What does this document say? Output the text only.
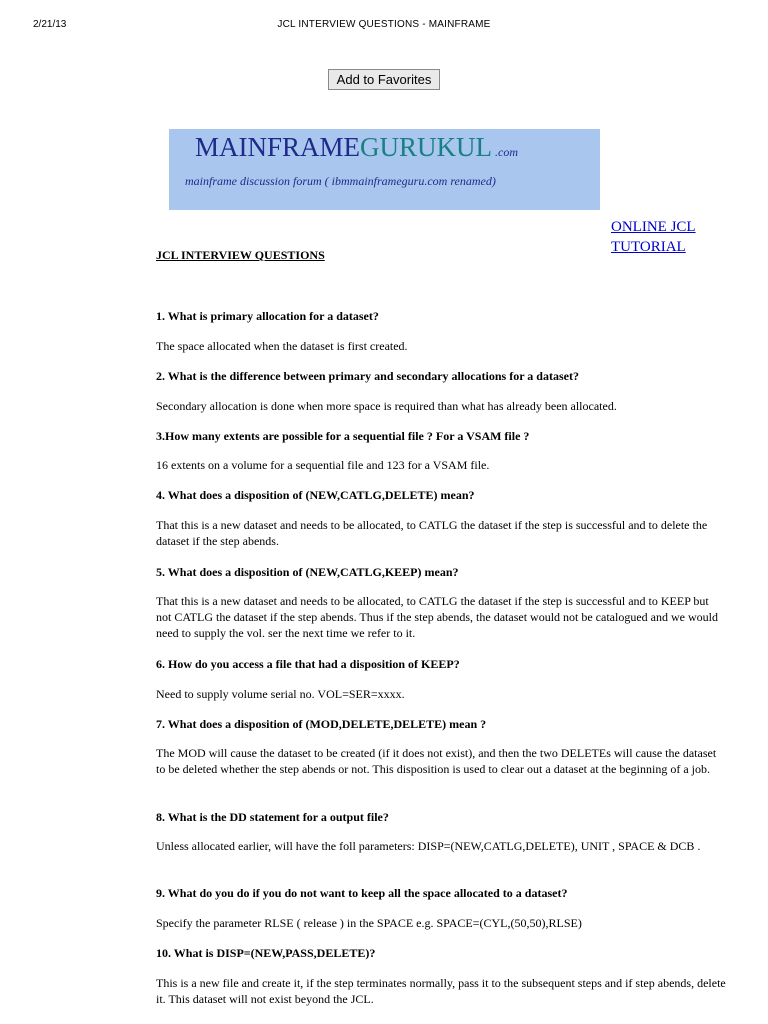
2/21/13	JCL INTERVIEW QUESTIONS - MAINFRAME
Add to Favorites
MAINFRAMEGURUKUL .com
mainframe discussion forum ( ibmmainframeguru.com renamed)
ONLINE JCL TUTORIAL
JCL INTERVIEW QUESTIONS
1. What is primary allocation for a dataset?
The space allocated when the dataset is first created.
2. What is the difference between primary and secondary allocations for a dataset?
Secondary allocation is done when more space is required than what has already been allocated.
3.How many extents are possible for a sequential file ? For a VSAM file ?
16 extents on a volume for a sequential file and 123 for a VSAM file.
4. What does a disposition of (NEW,CATLG,DELETE) mean?
That this is a new dataset and needs to be allocated, to CATLG the dataset if the step is successful and to delete the dataset if the step abends.
5. What does a disposition of (NEW,CATLG,KEEP) mean?
That this is a new dataset and needs to be allocated, to CATLG the dataset if the step is successful and to KEEP but not CATLG the dataset if the step abends. Thus if the step abends, the dataset would not be catalogued and we would need to supply the vol. ser the next time we refer to it.
6. How do you access a file that had a disposition of KEEP?
Need to supply volume serial no. VOL=SER=xxxx.
7. What does a disposition of (MOD,DELETE,DELETE) mean ?
The MOD will cause the dataset to be created (if it does not exist), and then the two DELETEs will cause the dataset to be deleted whether the step abends or not. This disposition is used to clear out a dataset at the beginning of a job.
8. What is the DD statement for a output file?
Unless allocated earlier, will have the foll parameters: DISP=(NEW,CATLG,DELETE), UNIT , SPACE & DCB .
9. What do you do if you do not want to keep all the space allocated to a dataset?
Specify the parameter RLSE ( release ) in the SPACE e.g. SPACE=(CYL,(50,50),RLSE)
10. What is DISP=(NEW,PASS,DELETE)?
This is a new file and create it, if the step terminates normally, pass it to the subsequent steps and if step abends, delete it. This dataset will not exist beyond the JCL.
